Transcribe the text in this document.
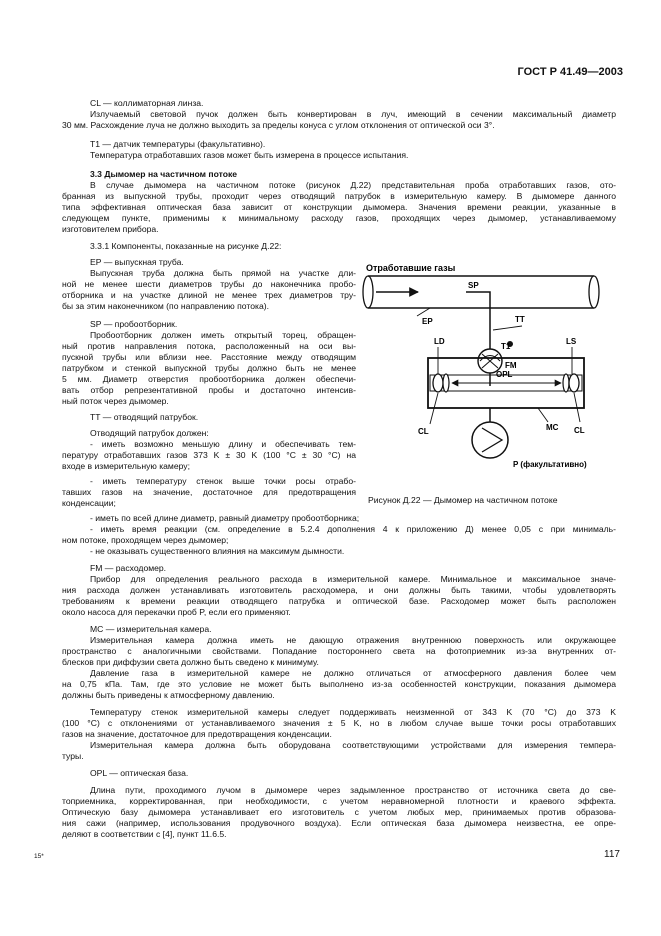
ГОСТ Р 41.49—2003
CL — коллиматорная линза.
Излучаемый световой пучок должен быть конвертирован в луч, имеющий в сечении максимальный диаметр
30 мм. Расхождение луча не должно выходить за пределы конуса с углом отклонения от оптической оси 3°.
T1 — датчик температуры (факультативно).
Температура отработавших газов может быть измерена в процессе испытания.
3.3 Дымомер на частичном потоке
В случае дымомера на частичном потоке (рисунок Д.22) представительная проба отработавших газов, ото-
бранная из выпускной трубы, проходит через отводящий патрубок в измерительную камеру. В дымомере данного
типа эффективная оптическая база зависит от конструкции дымомера. Значения времени реакции, указанные в
следующем пункте, применимы к минимальному расходу газов, проходящих через дымомер, устанавливаемому
изготовителем прибора.
3.3.1 Компоненты, показанные на рисунке Д.22:
EP — выпускная труба.
Выпускная труба должна быть прямой на участке дли-
ной не менее шести диаметров трубы до наконечника пробо-
отборника и на участке длиной не менее трех диаметров тру-
бы за этим наконечником (по направлению потока).
SP — пробоотборник.
Пробоотборник должен иметь открытый торец, обращен-
ный против направления потока, расположенный на оси вы-
пускной трубы или вблизи нее. Расстояние между отводящим
патрубком и стенкой выпускной трубы должно быть не менее
5 мм. Диаметр отверстия пробоотборника должен обеспечи-
вать отбор репрезентативной пробы и достаточно интенсив-
ный поток через дымомер.
TT — отводящий патрубок.
Отводящий патрубок должен:
- иметь возможно меньшую длину и обеспечивать тем-
пературу отработавших газов 373 K ± 30 K (100 °C ± 30 °C) на
входе в измерительную камеру;
- иметь температуру стенок выше точки росы отрабо-
тавших газов на значение, достаточное для предотвращения
конденсации;
Отработавшие газы
SP
EP	TT
FM
LD	LS
T1
OPL
CL	CL
MC
P (факультативно)
Рисунок Д.22 — Дымомер на частичном потоке
- иметь по всей длине диаметр, равный диаметру пробоотборника;
- иметь время реакции (см. определение в 5.2.4 дополнения 4 к приложению Д) менее 0,05 с при минималь-
ном потоке, проходящем через дымомер;
- не оказывать существенного влияния на максимум дымности.
FM — расходомер.
Прибор для определения реального расхода в измерительной камере. Минимальное и максимальное значе-
ния расхода должен устанавливать изготовитель расходомера, и они должны быть такими, чтобы удовлетворять
требованиям к времени реакции отводящего патрубка и оптической базе. Расходомер может быть расположен
около насоса для перекачки проб P, если его применяют.
MC — измерительная камера.
Измерительная камера должна иметь не дающую отражения внутреннюю поверхность или окружающее
пространство с аналогичными свойствами. Попадание постороннего света на фотоприемник из-за внутренних от-
блесков при диффузии света должно быть сведено к минимуму.
Давление газа в измерительной камере не должно отличаться от атмосферного давления более чем
на 0,75 кПа. Там, где это условие не может быть выполнено из-за особенностей конструкции, показания дымомера
должны быть приведены к атмосферному давлению.
Температуру стенок измерительной камеры следует поддерживать неизменной от 343 K (70 °C) до 373 K
(100 °C) с отклонениями от устанавливаемого значения ± 5 K, но в любом случае выше точки росы отработавших
газов на значение, достаточное для предотвращения конденсации.
Измерительная камера должна быть оборудована соответствующими устройствами для измерения темпера-
туры.
OPL — оптическая база.
Длина пути, проходимого лучом в дымомере через задымленное пространство от источника света до све-
топриемника, корректированная, при необходимости, с учетом неравномерной плотности и краевого эффекта.
Оптическую базу дымомера устанавливает его изготовитель с учетом любых мер, принимаемых против образова-
ния сажи (например, использования продувочного воздуха). Если оптическая база дымомера неизвестна, ее опре-
деляют в соответствии с [4], пункт 11.6.5.
15*	117
